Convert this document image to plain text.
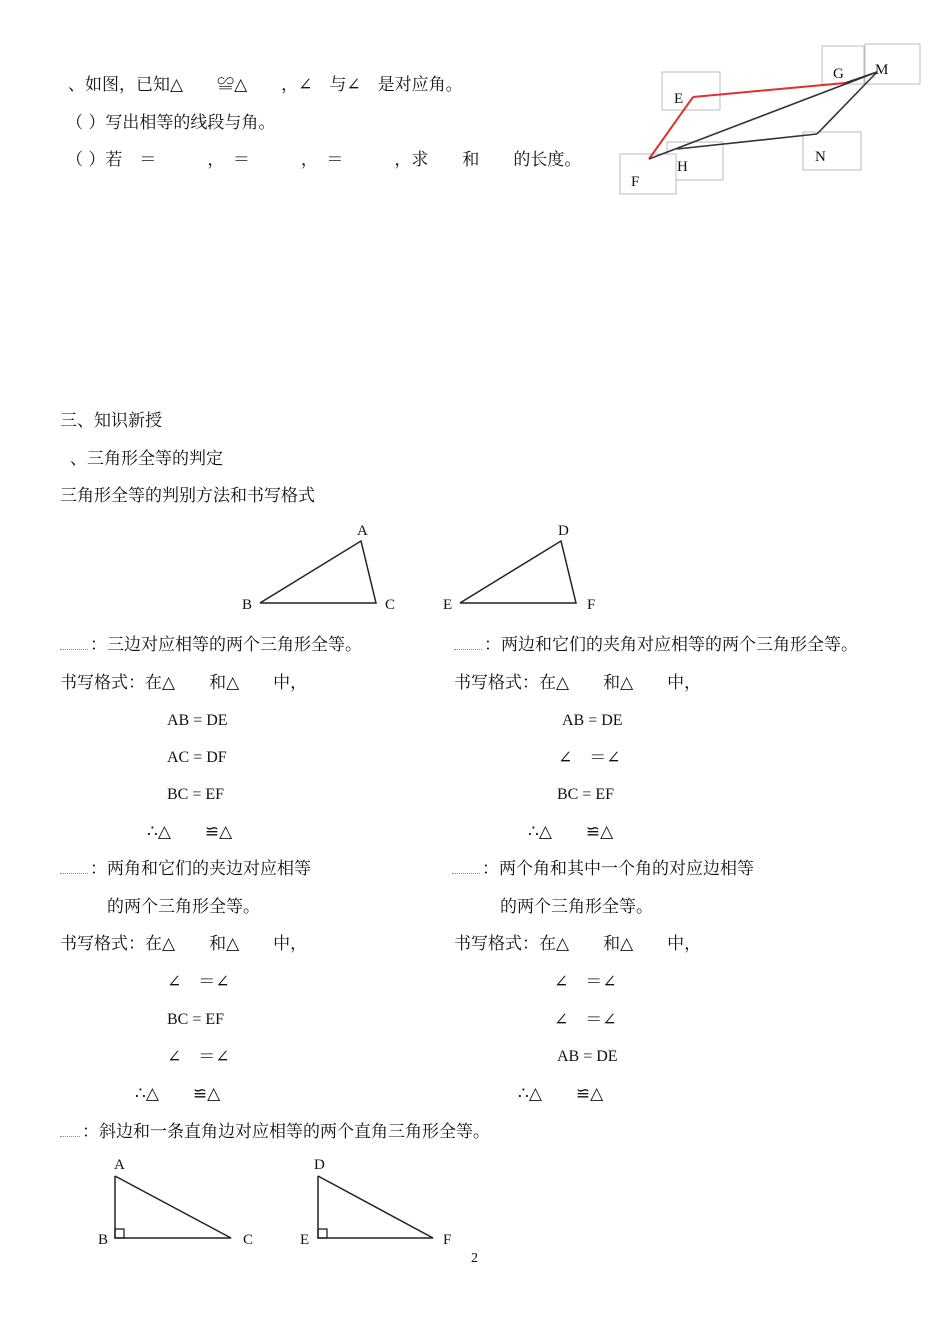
、如图，已知△　　≌△　　，∠　与∠　是对应角。
（ ）写出相等的线段与角。
（ ）若　＝　　　，　＝　　　，　＝　　　，求　　和　　的长度。
G M
E
H
N
F
三、知识新授
、三角形全等的判定
三角形全等的判别方法和书写格式
A
B	C
D
E	F
：三边对应相等的两个三角形全等。
书写格式：在△　　和△　　中，
AB = DE
AC = DF
BC = EF
∴△　　≌△
：两边和它们的夹角对应相等的两个三角形全等。
书写格式：在△　　和△　　中，
AB = DE
∠　＝∠
BC = EF
∴△　　≌△
：两角和它们的夹边对应相等
的两个三角形全等。
书写格式：在△　　和△　　中，
∠　＝∠
BC = EF
∠　＝∠
∴△　　≌△
：两个角和其中一个角的对应边相等
的两个三角形全等。
书写格式：在△　　和△　　中，
∠　＝∠
∠　＝∠
AB = DE
∴△　　≌△
：斜边和一条直角边对应相等的两个直角三角形全等。
A
B	C
D
E	F
2
